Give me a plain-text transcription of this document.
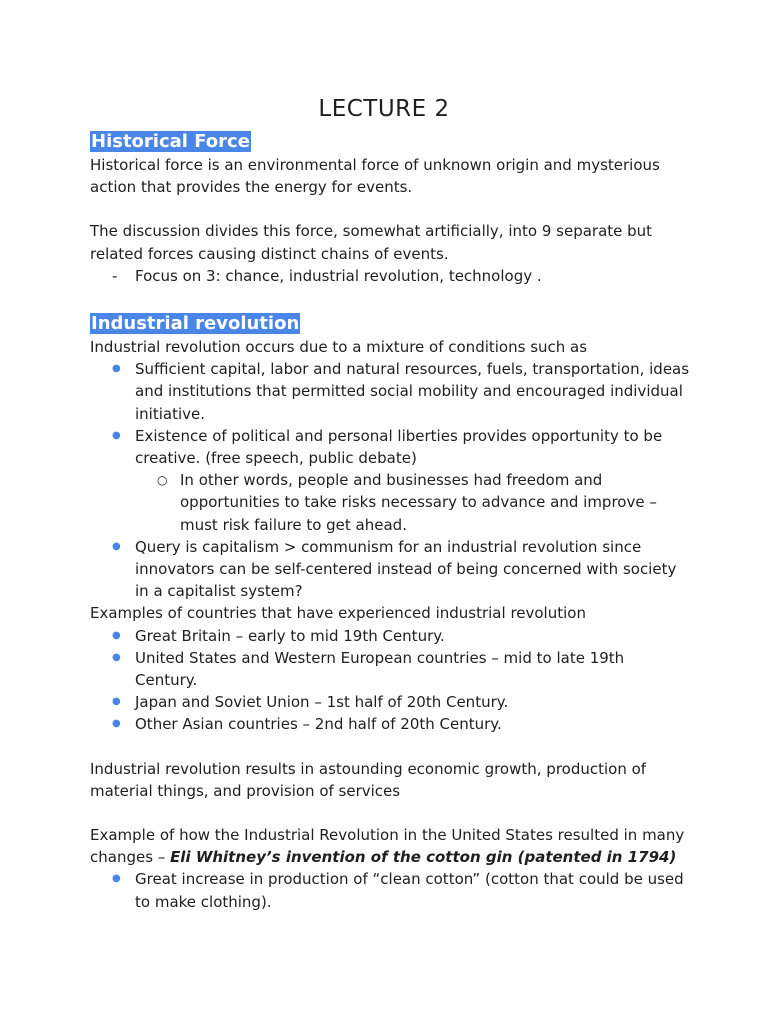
LECTURE 2
Historical Force

Historical force is an environmental force of unknown origin and mysterious action that provides the energy for events.

The discussion divides this force, somewhat artificially, into 9 separate but related forces causing distinct chains of events.

- Focus on 3: chance, industrial revolution, technology .
Industrial revolution

Industrial revolution occurs due to a mixture of conditions such as

● Sufficient capital, labor and natural resources, fuels, transportation, ideas and institutions that permitted social mobility and encouraged individual initiative.
● Existence of political and personal liberties provides opportunity to be creative. (free speech, public debate)
○ In other words, people and businesses had freedom and opportunities to take risks necessary to advance and improve – must risk failure to get ahead.
● Query is capitalism > communism for an industrial revolution since innovators can be self-centered instead of being concerned with society in a capitalist system?

Examples of countries that have experienced industrial revolution

● Great Britain – early to mid 19th Century.
● United States and Western European countries – mid to late 19th Century.
● Japan and Soviet Union – 1st half of 20th Century.
● Other Asian countries – 2nd half of 20th Century.

Industrial revolution results in astounding economic growth, production of material things, and provision of services

Example of how the Industrial Revolution in the United States resulted in many changes – Eli Whitney’s invention of the cotton gin (patented in 1794)

● Great increase in production of “clean cotton” (cotton that could be used to make clothing).
